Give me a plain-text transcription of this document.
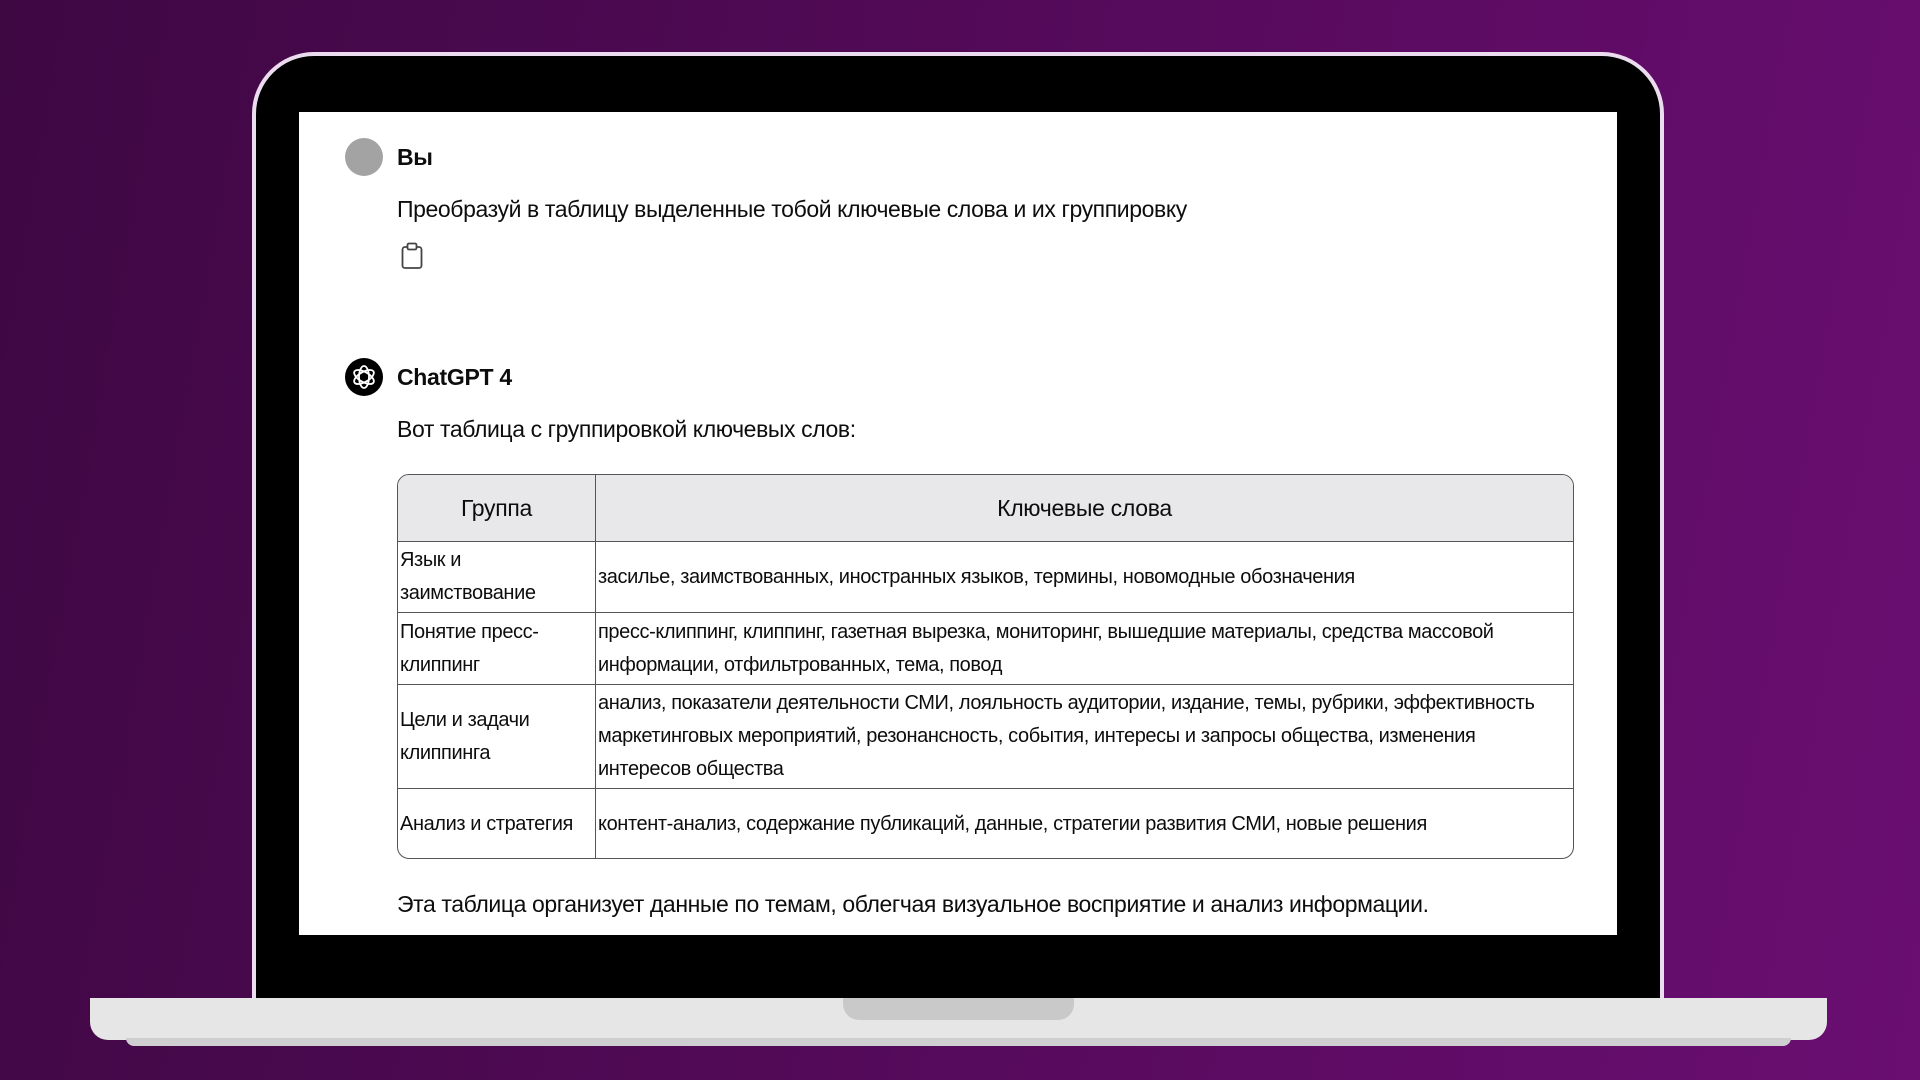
Вы
Преобразуй в таблицу выделенные тобой ключевые слова и их группировку
ChatGPT 4
Вот таблица с группировкой ключевых слов:
Группа	Ключевые слова
Язык и заимствование	засилье, заимствованных, иностранных языков, термины, новомодные обозначения
Понятие пресс-клиппинг	пресс-клиппинг, клиппинг, газетная вырезка, мониторинг, вышедшие материалы, средства массовой информации, отфильтрованных, тема, повод
Цели и задачи клиппинга	анализ, показатели деятельности СМИ, лояльность аудитории, издание, темы, рубрики, эффективность маркетинговых мероприятий, резонансность, события, интересы и запросы общества, изменения интересов общества
Анализ и стратегия	контент-анализ, содержание публикаций, данные, стратегии развития СМИ, новые решения
Эта таблица организует данные по темам, облегчая визуальное восприятие и анализ информации.
